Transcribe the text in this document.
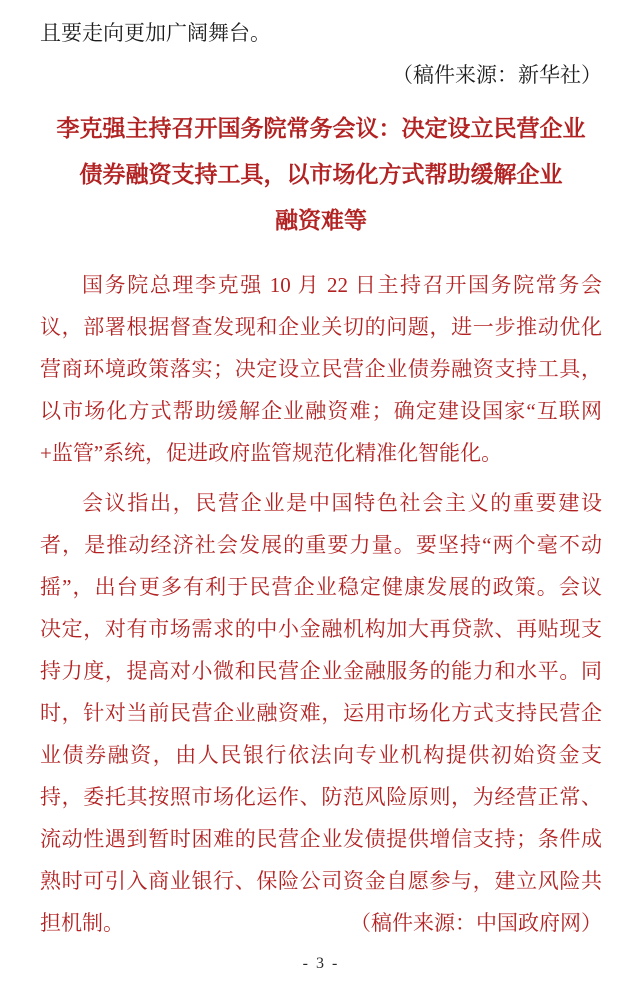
且要走向更加广阔舞台。
（稿件来源：新华社）
李克强主持召开国务院常务会议：决定设立民营企业
债券融资支持工具，以市场化方式帮助缓解企业
融资难等
国务院总理李克强 10 月 22 日主持召开国务院常务会
议，部署根据督查发现和企业关切的问题，进一步推动优化
营商环境政策落实；决定设立民营企业债券融资支持工具，
以市场化方式帮助缓解企业融资难；确定建设国家“互联网
+监管”系统，促进政府监管规范化精准化智能化。
会议指出，民营企业是中国特色社会主义的重要建设
者，是推动经济社会发展的重要力量。要坚持“两个毫不动
摇”，出台更多有利于民营企业稳定健康发展的政策。会议
决定，对有市场需求的中小金融机构加大再贷款、再贴现支
持力度，提高对小微和民营企业金融服务的能力和水平。同
时，针对当前民营企业融资难，运用市场化方式支持民营企
业债券融资，由人民银行依法向专业机构提供初始资金支
持，委托其按照市场化运作、防范风险原则，为经营正常、
流动性遇到暂时困难的民营企业发债提供增信支持；条件成
熟时可引入商业银行、保险公司资金自愿参与，建立风险共
担机制。	（稿件来源：中国政府网）
- 3 -
